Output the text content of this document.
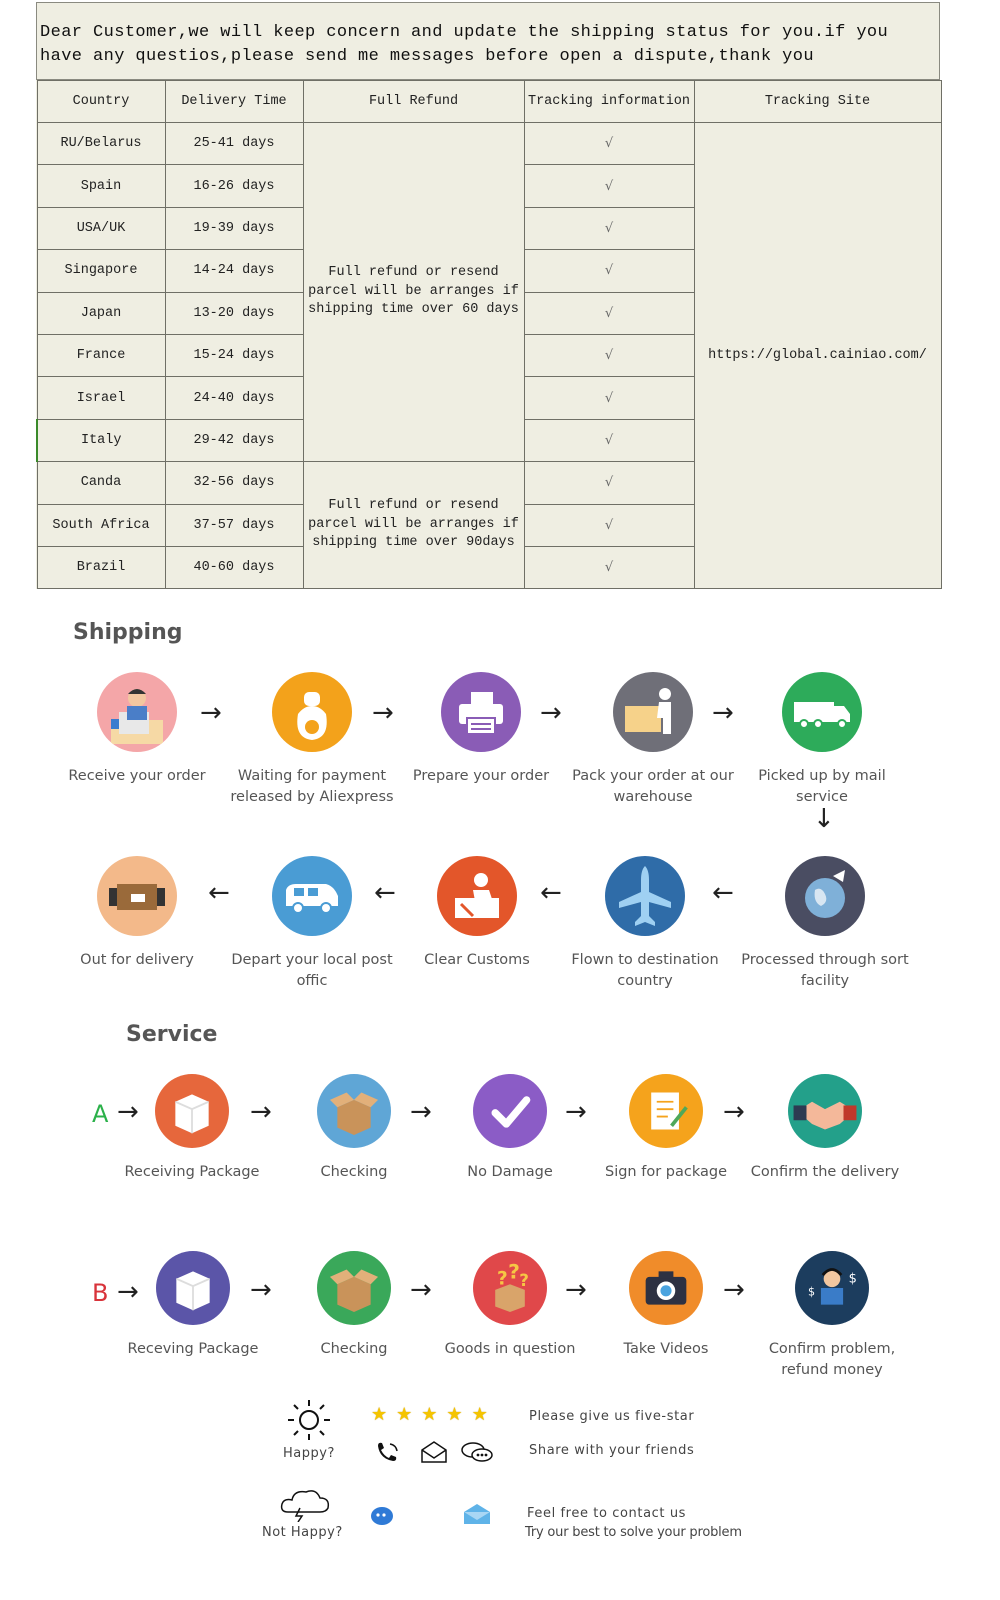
Dear Customer,we will keep concern and update the shipping status for you.if you have any questios,please send me messages before open a dispute,thank you

Country	Delivery Time	Full Refund	Tracking information	Tracking Site
RU/Belarus	25-41 days	Full refund or resend parcel will be arranges if shipping time over 60 days	√	https://global.cainiao.com/
Spain	16-26 days		√	
USA/UK	19-39 days		√	
Singapore	14-24 days		√	
Japan	13-20 days		√	
France	15-24 days		√	
Israel	24-40 days		√	
Italy	29-42 days		√	
Canda	32-56 days	Full refund or resend parcel will be arranges if shipping time over 90days	√	
South Africa	37-57 days		√	
Brazil	40-60 days		√	
Shipping
Receive your order
→
Waiting for payment released by Aliexpress
→
Prepare your order
→
Pack your order at our warehouse
→
Picked up by mail service
↓
Out for delivery
←
Depart your local post offic
←
Clear Customs
←
Flown to destination country
←
Processed through sort facility
Service
A →
Receiving Package
→
Checking
→
No Damage
→
Sign for package
→
Confirm the delivery
B →
Receving Package
→
Checking
→	? ? ?
Goods in question
→
Take Videos
→	$
$
Confirm problem, refund money
Happy?
★ ★ ★ ★ ★	Please give us five-star
Share with your friends
Not Happy?
Feel free to contact us
Try our best to solve your problem
